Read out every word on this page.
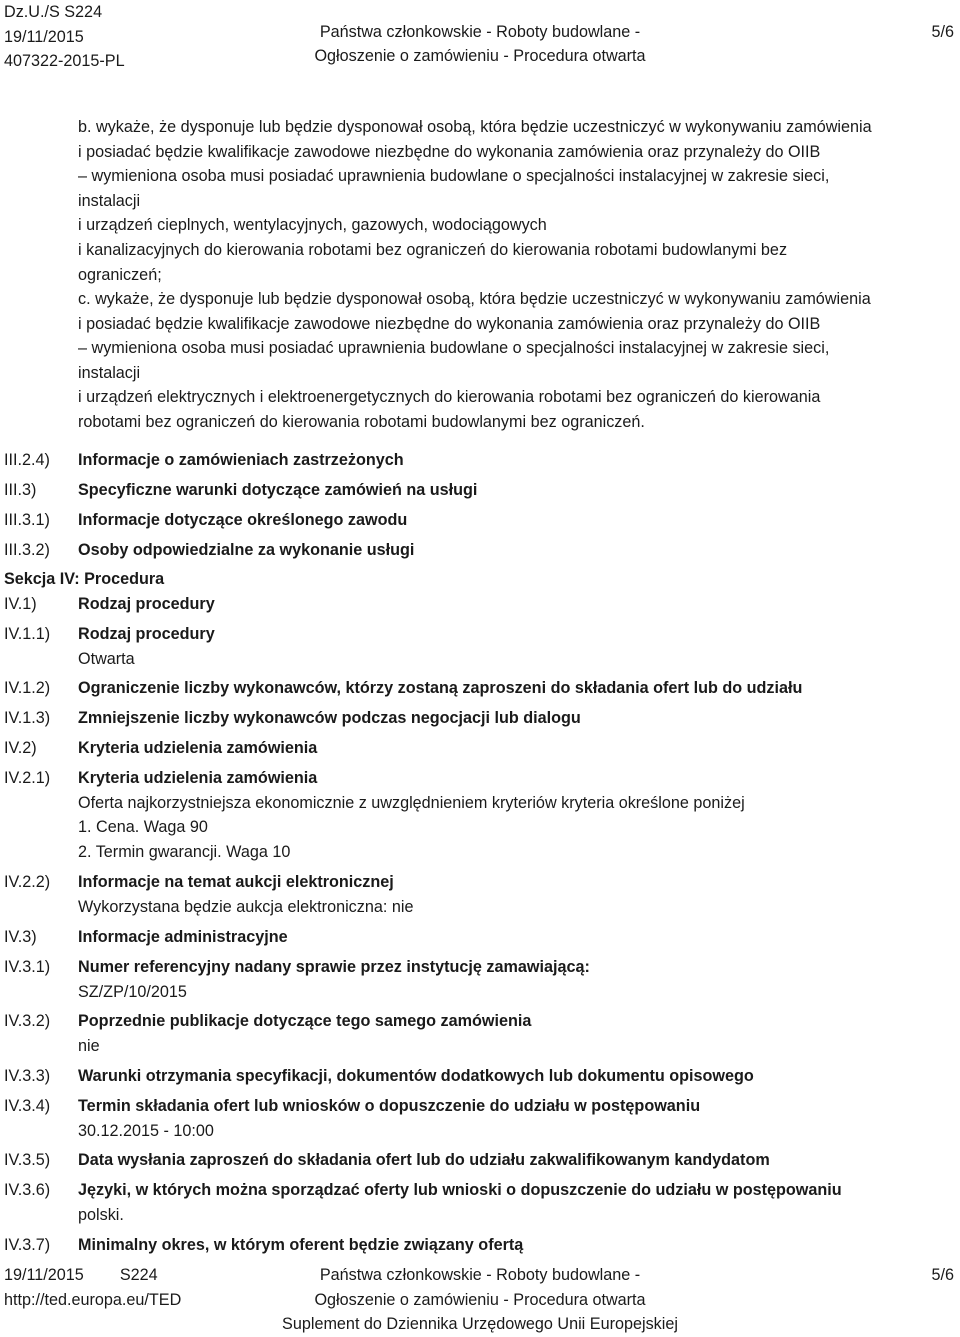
Dz.U./S S224
19/11/2015
407322-2015-PL
Państwa członkowskie - Roboty budowlane -
Ogłoszenie o zamówieniu - Procedura otwarta
5/6
b. wykaże, że dysponuje lub będzie dysponował osobą, która będzie uczestniczyć w wykonywaniu zamówienia
i posiadać będzie kwalifikacje zawodowe niezbędne do wykonania zamówienia oraz przynależy do OIIB
– wymieniona osoba musi posiadać uprawnienia budowlane o specjalności instalacyjnej w zakresie sieci,
instalacji
i urządzeń cieplnych, wentylacyjnych, gazowych, wodociągowych
i kanalizacyjnych do kierowania robotami bez ograniczeń do kierowania robotami budowlanymi bez
ograniczeń;
c. wykaże, że dysponuje lub będzie dysponował osobą, która będzie uczestniczyć w wykonywaniu zamówienia
i posiadać będzie kwalifikacje zawodowe niezbędne do wykonania zamówienia oraz przynależy do OIIB
– wymieniona osoba musi posiadać uprawnienia budowlane o specjalności instalacyjnej w zakresie sieci,
instalacji
i urządzeń elektrycznych i elektroenergetycznych do kierowania robotami bez ograniczeń do kierowania
robotami bez ograniczeń do kierowania robotami budowlanymi bez ograniczeń.
III.2.4) Informacje o zamówieniach zastrzeżonych
III.3)	Specyficzne warunki dotyczące zamówień na usługi
III.3.1) Informacje dotyczące określonego zawodu
III.3.2) Osoby odpowiedzialne za wykonanie usługi
Sekcja IV: Procedura
IV.1)	Rodzaj procedury
IV.1.1) Rodzaj procedury
Otwarta
IV.1.2) Ograniczenie liczby wykonawców, którzy zostaną zaproszeni do składania ofert lub do udziału
IV.1.3) Zmniejszenie liczby wykonawców podczas negocjacji lub dialogu
IV.2)	Kryteria udzielenia zamówienia
IV.2.1) Kryteria udzielenia zamówienia
Oferta najkorzystniejsza ekonomicznie z uwzględnieniem kryteriów kryteria określone poniżej
1. Cena. Waga 90
2. Termin gwarancji. Waga 10
IV.2.2) Informacje na temat aukcji elektronicznej
Wykorzystana będzie aukcja elektroniczna: nie
IV.3)	Informacje administracyjne
IV.3.1) Numer referencyjny nadany sprawie przez instytucję zamawiającą:
SZ/ZP/10/2015
IV.3.2) Poprzednie publikacje dotyczące tego samego zamówienia
nie
IV.3.3) Warunki otrzymania specyfikacji, dokumentów dodatkowych lub dokumentu opisowego
IV.3.4) Termin składania ofert lub wniosków o dopuszczenie do udziału w postępowaniu
30.12.2015 - 10:00
IV.3.5) Data wysłania zaproszeń do składania ofert lub do udziału zakwalifikowanym kandydatom
IV.3.6) Języki, w których można sporządzać oferty lub wnioski o dopuszczenie do udziału w postępowaniu
polski.
IV.3.7) Minimalny okres, w którym oferent będzie związany ofertą
19/11/2015 S224
http://ted.europa.eu/TED
Państwa członkowskie - Roboty budowlane -
Ogłoszenie o zamówieniu - Procedura otwarta
Suplement do Dziennika Urzędowego Unii Europejskiej
5/6
